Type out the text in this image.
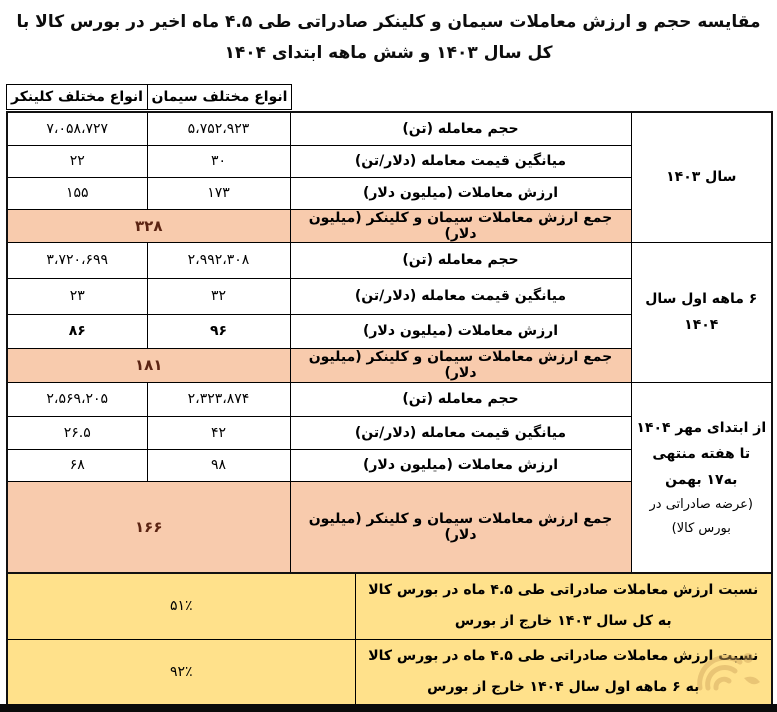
مقایسه حجم و ارزش معاملات سیمان و کلینکر صادراتی طی ۴.۵ ماه اخیر در بورس کالا با کل سال ۱۴۰۳ و شش ماهه ابتدای ۱۴۰۴
انواع مختلف کلینکر انواع مختلف سیمان
سال ۱۴۰۳	حجم معامله (تن)	۵،۷۵۲،۹۲۳	۷،۰۵۸،۷۲۷
	میانگین قیمت معامله (دلار/تن)	۳۰	۲۲
	ارزش معاملات (میلیون دلار)	۱۷۳	۱۵۵
	جمع ارزش معاملات سیمان و کلینکر (میلیون دلار)	۳۲۸	
۶ ماهه اول سال ۱۴۰۴	حجم معامله (تن)	۲،۹۹۲،۳۰۸	۳،۷۲۰،۶۹۹
	میانگین قیمت معامله (دلار/تن)	۳۲	۲۳
	ارزش معاملات (میلیون دلار)	۹۶	۸۶
	جمع ارزش معاملات سیمان و کلینکر (میلیون دلار)	۱۸۱	
از ابتدای مهر ۱۴۰۴ تا هفته منتهی به۱۷ بهمن
(عرضه صادراتی در بورس کالا)	حجم معامله (تن)	۲،۳۲۳،۸۷۴	۲،۵۶۹،۲۰۵
	میانگین قیمت معامله (دلار/تن)	۴۲	۲۶.۵
	ارزش معاملات (میلیون دلار)	۹۸	۶۸
	جمع ارزش معاملات سیمان و کلینکر (میلیون دلار)	۱۶۶	
نسبت ارزش معاملات صادراتی طی ۴.۵ ماه در بورس کالا به کل سال ۱۴۰۳ خارج از بورس	۵۱٪
نسبت ارزش معاملات صادراتی طی ۴.۵ ماه در بورس کالا به ۶ ماهه اول سال ۱۴۰۴ خارج از بورس	۹۲٪
